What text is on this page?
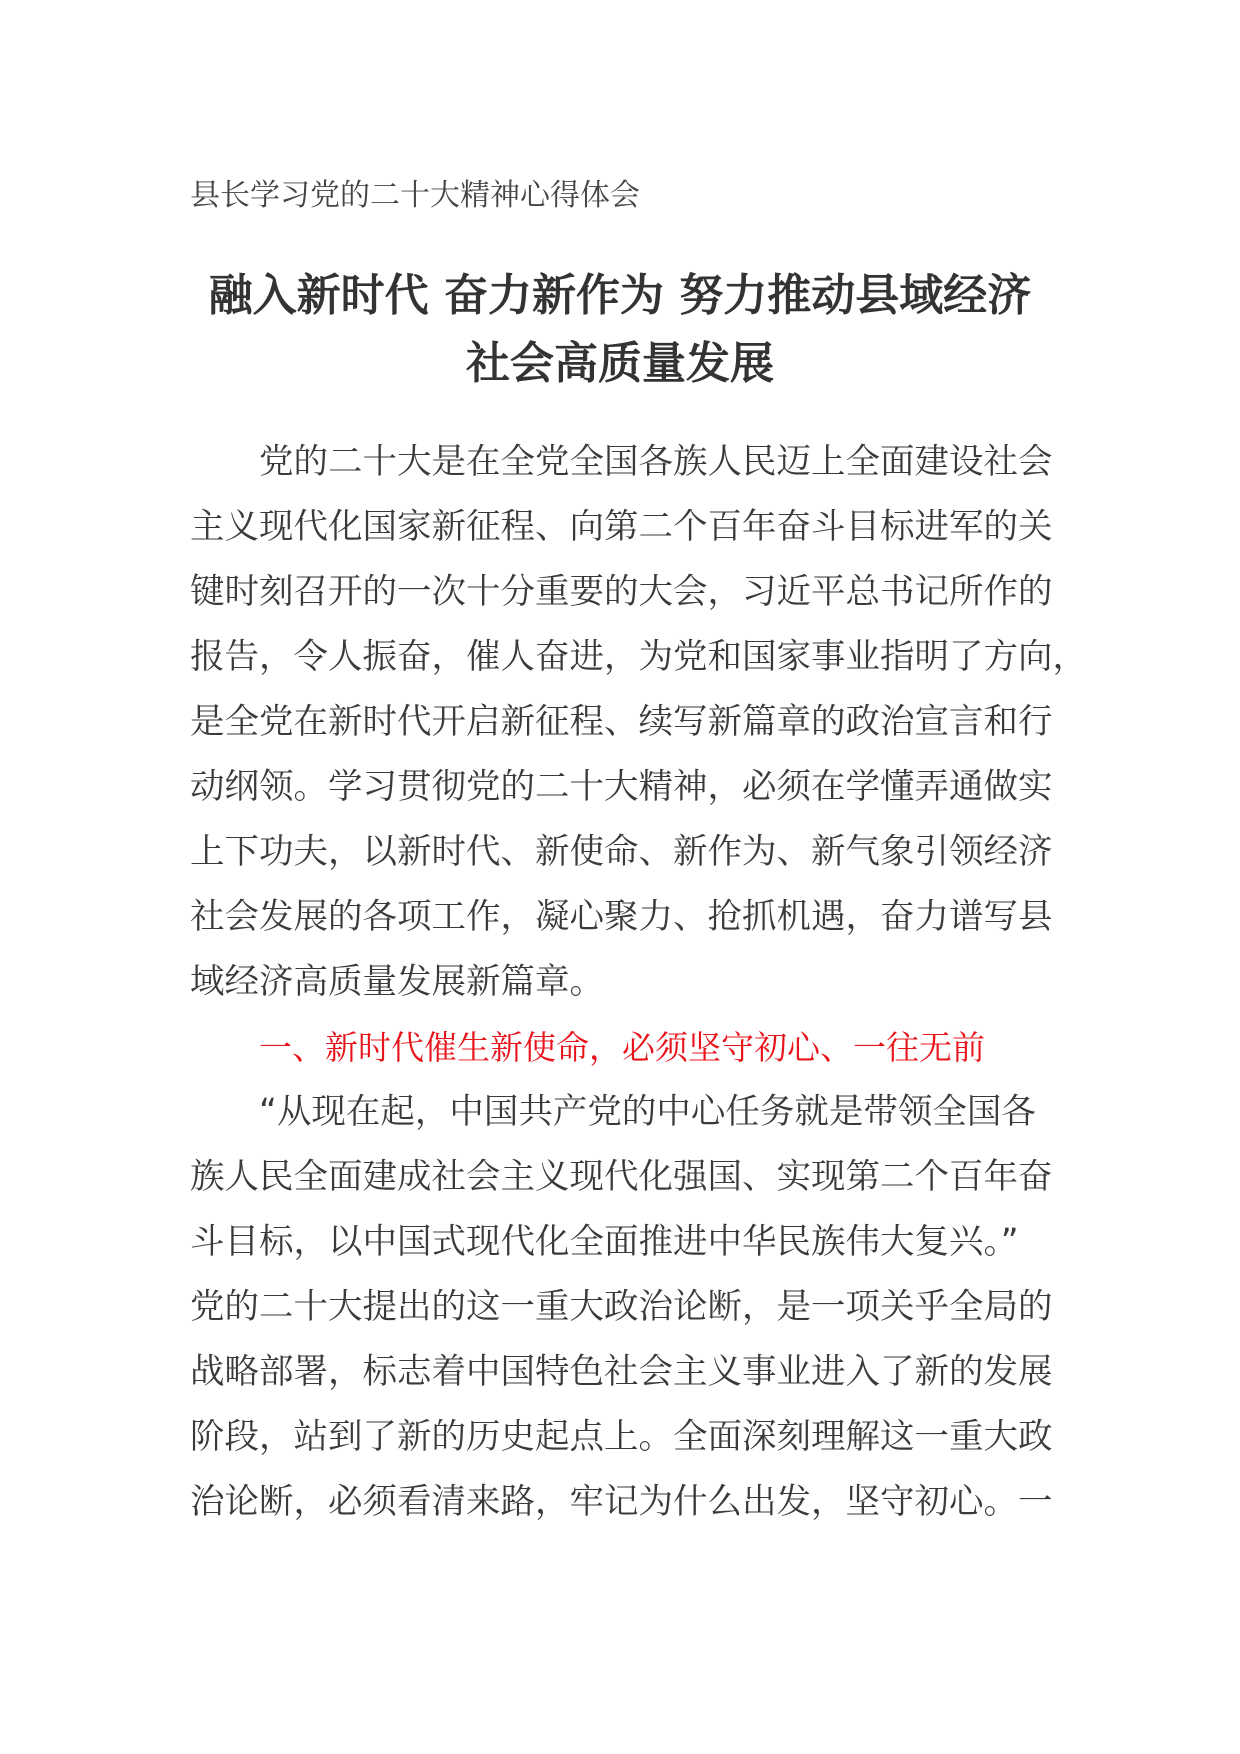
县长学习党的二十大精神心得体会
融入新时代 奋力新作为 努力推动县域经济
社会高质量发展
党的二十大是在全党全国各族人民迈上全面建设社会
主义现代化国家新征程、向第二个百年奋斗目标进军的关
键时刻召开的一次十分重要的大会，习近平总书记所作的
报告，令人振奋，催人奋进，为党和国家事业指明了方向，
是全党在新时代开启新征程、续写新篇章的政治宣言和行
动纲领。学习贯彻党的二十大精神，必须在学懂弄通做实
上下功夫，以新时代、新使命、新作为、新气象引领经济
社会发展的各项工作，凝心聚力、抢抓机遇，奋力谱写县
域经济高质量发展新篇章。
一、新时代催生新使命，必须坚守初心、一往无前
“从现在起，中国共产党的中心任务就是带领全国各
族人民全面建成社会主义现代化强国、实现第二个百年奋
斗目标，以中国式现代化全面推进中华民族伟大复兴。”
党的二十大提出的这一重大政治论断，是一项关乎全局的
战略部署，标志着中国特色社会主义事业进入了新的发展
阶段，站到了新的历史起点上。全面深刻理解这一重大政
治论断，必须看清来路，牢记为什么出发，坚守初心。一
